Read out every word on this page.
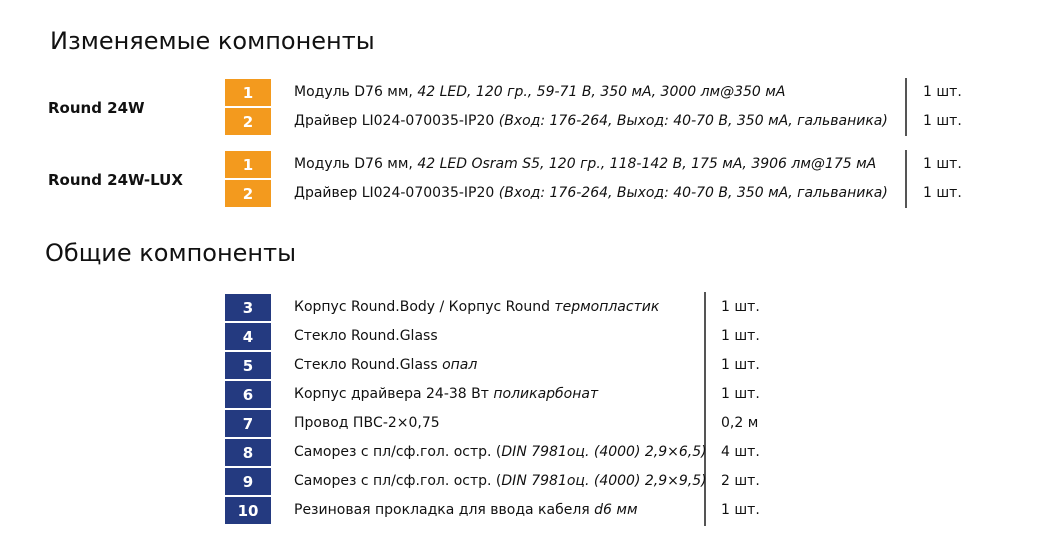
Изменяемые компоненты
Round 24W
1	Модуль D76 мм, 42 LED, 120 гр., 59-71 В, 350 мА, 3000 лм@350 мА	1 шт.
2	Драйвер LI024-070035-IP20 (Вход: 176-264, Выход: 40-70 В, 350 мА, гальваника)	1 шт.
Round 24W-LUX
1	Модуль D76 мм, 42 LED Osram S5, 120 гр., 118-142 В, 175 мА, 3906 лм@175 мА	1 шт.
2	Драйвер LI024-070035-IP20 (Вход: 176-264, Выход: 40-70 В, 350 мА, гальваника)	1 шт.
Общие компоненты
3	Корпус Round.Body / Корпус Round термопластик	1 шт.
4	Стекло Round.Glass	1 шт.
5	Стекло Round.Glass опал	1 шт.
6	Корпус драйвера 24-38 Вт поликарбонат	1 шт.
7	Провод ПВС-2×0,75	0,2 м
8	Саморез с пл/сф.гол. остр. (DIN 7981оц. (4000) 2,9×6,5) 4 шт.
9	Саморез с пл/сф.гол. остр. (DIN 7981оц. (4000) 2,9×9,5) 2 шт.
10	Резиновая прокладка для ввода кабеля d6 мм	1 шт.
